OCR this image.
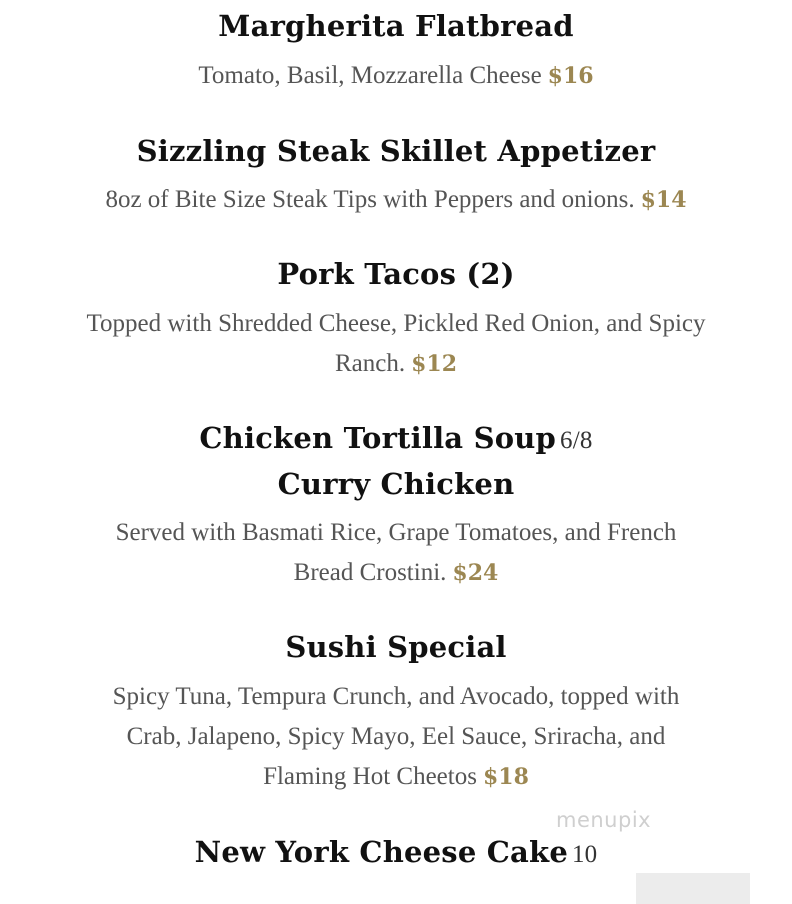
Margherita Flatbread
Tomato, Basil, Mozzarella Cheese $16
Sizzling Steak Skillet Appetizer
8oz of Bite Size Steak Tips with Peppers and onions. $14
Pork Tacos (2)
Topped with Shredded Cheese, Pickled Red Onion, and Spicy
Ranch. $12
Chicken Tortilla Soup 6/8
Curry Chicken
Served with Basmati Rice, Grape Tomatoes, and French
Bread Crostini. $24
Sushi Special
Spicy Tuna, Tempura Crunch, and Avocado, topped with
Crab, Jalapeno, Spicy Mayo, Eel Sauce, Sriracha, and
Flaming Hot Cheetos $18
menupix
New York Cheese Cake 10
